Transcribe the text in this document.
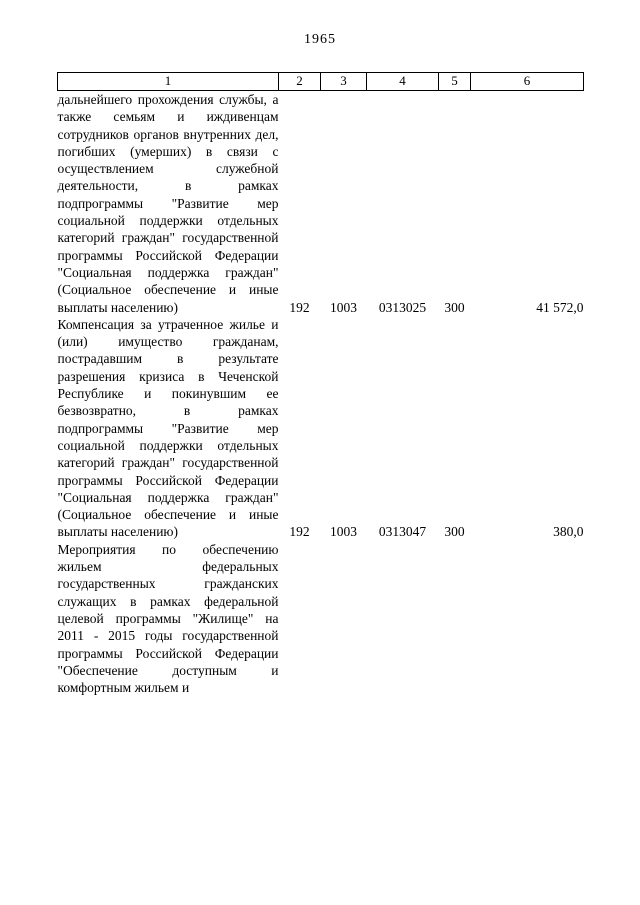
1965
1	2	3	4	5	6
дальнейшего прохождения службы, а также семьям и иждивенцам сотрудников органов внутренних дел, погибших (умерших) в связи с осуществлением служебной деятельности, в рамках подпрограммы "Развитие мер социальной поддержки отдельных категорий граждан" государственной программы Российской Федерации "Социальная поддержка граждан" (Социальное обеспечение и иные выплаты населению)	192	1003	0313025	300	41 572,0
Компенсация за утраченное жилье и (или) имущество гражданам, пострадавшим в результате разрешения кризиса в Чеченской Республике и покинувшим ее безвозвратно, в рамках подпрограммы "Развитие мер социальной поддержки отдельных категорий граждан" государственной программы Российской Федерации "Социальная поддержка граждан" (Социальное обеспечение и иные выплаты населению)	192	1003	0313047	300	380,0
Мероприятия по обеспечению жильем федеральных государственных гражданских служащих в рамках федеральной целевой программы "Жилище" на 2011 - 2015 годы государственной программы Российской Федерации "Обеспечение доступным и комфортным жильем и					
